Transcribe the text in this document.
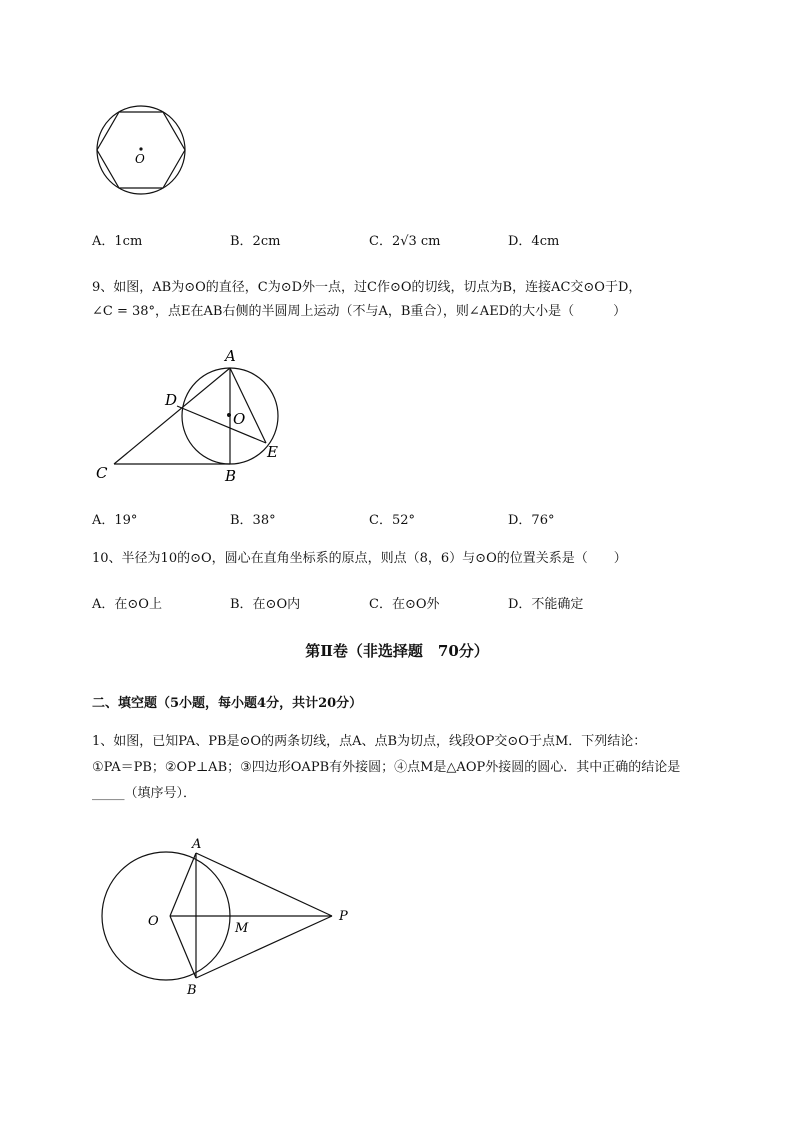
O
A．1cm	B．2cm	C．2√3 cm	D．4cm
9、如图，AB为⊙O的直径，C为⊙D外一点，过C作⊙O的切线，切点为B，连接AC交⊙O于D，
∠C = 38°，点E在AB右侧的半圆周上运动（不与A，B重合），则∠AED的大小是（　　　）
A
D
O
E
C	B
A．19°	B．38°	C．52°	D．76°
10、半径为10的⊙O，圆心在直角坐标系的原点，则点（8，6）与⊙O的位置关系是（　　）
A．在⊙O上	B．在⊙O内	C．在⊙O外	D．不能确定
第Ⅱ卷（非选择题　70分）
二、填空题（5小题，每小题4分，共计20分）
1、如图，已知PA、PB是⊙O的两条切线，点A、点B为切点，线段OP交⊙O于点M．下列结论：
①PA＝PB；②OP⊥AB；③四边形OAPB有外接圆；④点M是△AOP外接圆的圆心．其中正确的结论是
_____（填序号）．
A
O	M
P
B
